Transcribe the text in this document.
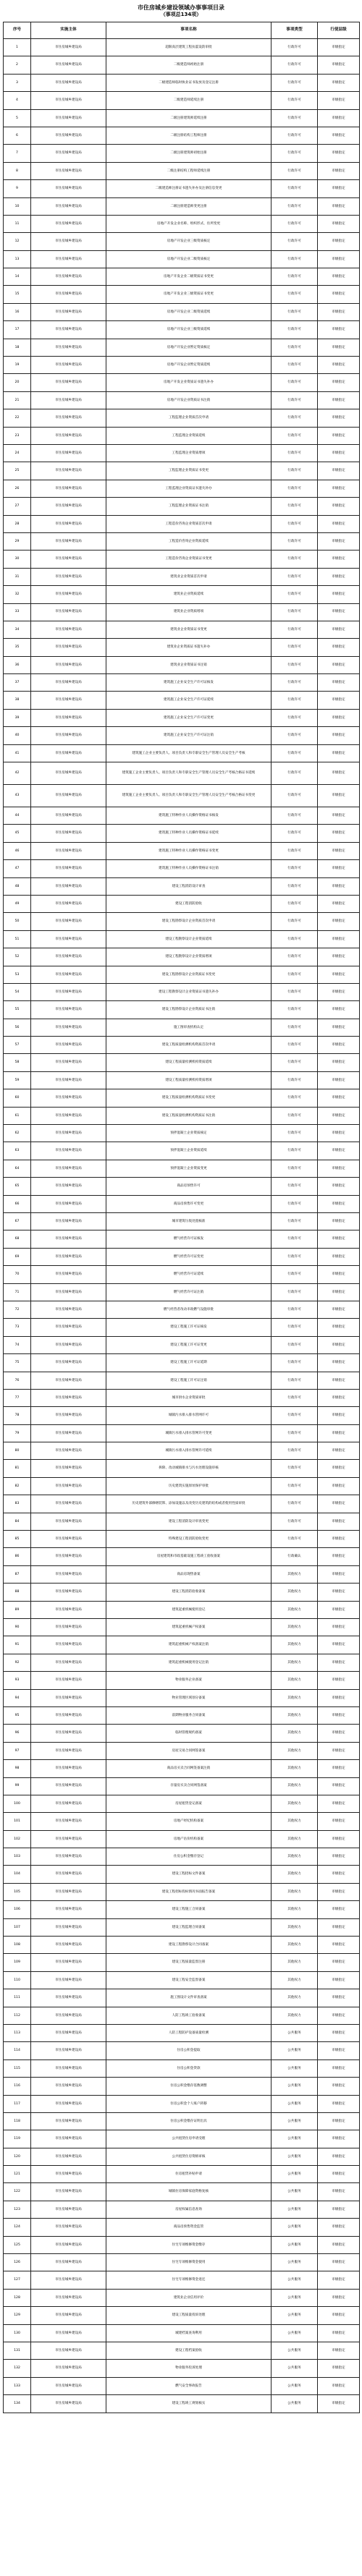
市住房城乡建设领域办事事项目录
（事项总134项）
序号	实施主体	事项名称	事项类型	行使层级
1	市住房城乡建设局	超限高层建筑工程抗震设防审批	行政许可	市级指定
2	市住房城乡建设局	二级建造师初始注册	行政许可	市级指定
3	市住房城乡建设局	二级建造师临时执业证书发放及登记注册	行政许可	市级指定
4	市住房城乡建设局	二级建造师延续注册	行政许可	市级指定
5	市住房城乡建设局	二级注册建筑师延续注册	行政许可	市级指定
6	市住房城乡建设局	二级注册结构工程师注册	行政许可	市级指定
7	市住房城乡建设局	二级注册建筑师初始注册	行政许可	市级指定
8	市住房城乡建设局	二级注册结构工程师延续注册	行政许可	市级指定
9	市住房城乡建设局	二级建造师注册证书遗失补办及注册信息变更	行政许可	市级指定
10	市住房城乡建设局	二级注册建造师变更注册	行政许可	市级指定
11	市住房城乡建设局	房地产开发企业名称、组织形式、住所变更	行政许可	市级指定
12	市住房城乡建设局	房地产开发企业三级资质核定	行政许可	市级指定
13	市住房城乡建设局	房地产开发企业二级资质核定	行政许可	市级指定
14	市住房城乡建设局	房地产开发企业二级资质证书变更	行政许可	市级指定
15	市住房城乡建设局	房地产开发企业三级资质证书变更	行政许可	市级指定
16	市住房城乡建设局	房地产开发企业二级资质延续	行政许可	市级指定
17	市住房城乡建设局	房地产开发企业三级资质延续	行政许可	市级指定
18	市住房城乡建设局	房地产开发企业暂定资质核定	行政许可	市级指定
19	市住房城乡建设局	房地产开发企业暂定资质延续	行政许可	市级指定
20	市住房城乡建设局	房地产开发企业资质证书遗失补办	行政许可	市级指定
21	市住房城乡建设局	房地产开发企业资质证书注销	行政许可	市级指定
22	市住房城乡建设局	工程监理企业资质首次申请	行政许可	市级指定
23	市住房城乡建设局	工程监理企业资质延续	行政许可	市级指定
24	市住房城乡建设局	工程监理企业资质增项	行政许可	市级指定
25	市住房城乡建设局	工程监理企业资质证书变更	行政许可	市级指定
26	市住房城乡建设局	工程监理企业资质证书遗失补办	行政许可	市级指定
27	市住房城乡建设局	工程监理企业资质证书注销	行政许可	市级指定
28	市住房城乡建设局	工程造价咨询企业资质首次申请	行政许可	市级指定
29	市住房城乡建设局	工程造价咨询企业资质延续	行政许可	市级指定
30	市住房城乡建设局	工程造价咨询企业资质证书变更	行政许可	市级指定
31	市住房城乡建设局	建筑业企业资质首次申请	行政许可	市级指定
32	市住房城乡建设局	建筑业企业资质延续	行政许可	市级指定
33	市住房城乡建设局	建筑业企业资质增项	行政许可	市级指定
34	市住房城乡建设局	建筑业企业资质证书变更	行政许可	市级指定
35	市住房城乡建设局	建筑业企业资质证书遗失补办	行政许可	市级指定
36	市住房城乡建设局	建筑业企业资质证书注销	行政许可	市级指定
37	市住房城乡建设局	建筑施工企业安全生产许可证核发	行政许可	市级指定
38	市住房城乡建设局	建筑施工企业安全生产许可证延续	行政许可	市级指定
39	市住房城乡建设局	建筑施工企业安全生产许可证变更	行政许可	市级指定
40	市住房城乡建设局	建筑施工企业安全生产许可证注销	行政许可	市级指定
41	市住房城乡建设局	建筑施工企业主要负责人、项目负责人和专职安全生产管理人员安全生产考核	行政许可	市级指定
42	市住房城乡建设局	建筑施工企业主要负责人、项目负责人和专职安全生产管理人员安全生产考核合格证书延续	行政许可	市级指定
43	市住房城乡建设局	建筑施工企业主要负责人、项目负责人和专职安全生产管理人员安全生产考核合格证书变更	行政许可	市级指定
44	市住房城乡建设局	建筑施工特种作业人员操作资格证书核发	行政许可	市级指定
45	市住房城乡建设局	建筑施工特种作业人员操作资格证书延续	行政许可	市级指定
46	市住房城乡建设局	建筑施工特种作业人员操作资格证书变更	行政许可	市级指定
47	市住房城乡建设局	建筑施工特种作业人员操作资格证书注销	行政许可	市级指定
48	市住房城乡建设局	建设工程消防设计审查	行政许可	市级指定
49	市住房城乡建设局	建设工程消防验收	行政许可	市级指定
50	市住房城乡建设局	建设工程勘察设计企业资质首次申请	行政许可	市级指定
51	市住房城乡建设局	建设工程勘察设计企业资质延续	行政许可	市级指定
52	市住房城乡建设局	建设工程勘察设计企业资质增项	行政许可	市级指定
53	市住房城乡建设局	建设工程勘察设计企业资质证书变更	行政许可	市级指定
54	市住房城乡建设局	建设工程勘察设计企业资质证书遗失补办	行政许可	市级指定
55	市住房城乡建设局	建设工程勘察设计企业资质证书注销	行政许可	市级指定
56	市住房城乡建设局	施工图审查机构认定	行政许可	市级指定
57	市住房城乡建设局	建设工程质量检测机构资质首次申请	行政许可	市级指定
58	市住房城乡建设局	建设工程质量检测机构资质延续	行政许可	市级指定
59	市住房城乡建设局	建设工程质量检测机构资质增项	行政许可	市级指定
60	市住房城乡建设局	建设工程质量检测机构资质证书变更	行政许可	市级指定
61	市住房城乡建设局	建设工程质量检测机构资质证书注销	行政许可	市级指定
62	市住房城乡建设局	预拌混凝土企业资质核定	行政许可	市级指定
63	市住房城乡建设局	预拌混凝土企业资质延续	行政许可	市级指定
64	市住房城乡建设局	预拌混凝土企业资质变更	行政许可	市级指定
65	市住房城乡建设局	商品房预售许可	行政许可	市级指定
66	市住房城乡建设局	商品房预售许可变更	行政许可	市级指定
67	市住房城乡建设局	城市建筑垃圾处置核准	行政许可	市级指定
68	市住房城乡建设局	燃气经营许可证核发	行政许可	市级指定
69	市住房城乡建设局	燃气经营许可证变更	行政许可	市级指定
70	市住房城乡建设局	燃气经营许可证延续	行政许可	市级指定
71	市住房城乡建设局	燃气经营许可证注销	行政许可	市级指定
72	市住房城乡建设局	燃气经营者改动市政燃气设施审批	行政许可	市级指定
73	市住房城乡建设局	建设工程施工许可证核发	行政许可	市级指定
74	市住房城乡建设局	建设工程施工许可证变更	行政许可	市级指定
75	市住房城乡建设局	建设工程施工许可证延期	行政许可	市级指定
76	市住房城乡建设局	建设工程施工许可证注销	行政许可	市级指定
77	市住房城乡建设局	城市供水企业资质审批	行政许可	市级指定
78	市住房城乡建设局	城镇污水排入排水管网许可	行政许可	市级指定
79	市住房城乡建设局	城镇污水排入排水管网许可变更	行政许可	市级指定
80	市住房城乡建设局	城镇污水排入排水管网许可延续	行政许可	市级指定
81	市住房城乡建设局	拆除、改动城镇排水与污水处理设施审核	行政许可	市级指定
82	市住房城乡建设局	历史建筑实施原址保护审批	行政许可	市级指定
83	市住房城乡建设局	历史建筑外部修缮装饰、添加设施以及改变历史建筑的结构或者使用性质审批	行政许可	市级指定
84	市住房城乡建设局	建设工程消防设计审查变更	行政许可	市级指定
85	市住房城乡建设局	特殊建设工程消防验收变更	行政许可	市级指定
86	市住房城乡建设局	房屋建筑和市政基础设施工程竣工验收备案	行政确认	市级指定
87	市住房城乡建设局	商品房现售备案	其他权力	市级指定
88	市住房城乡建设局	建设工程消防验收备案	其他权力	市级指定
89	市住房城乡建设局	建筑起重机械使用登记	其他权力	市级指定
90	市住房城乡建设局	建筑起重机械产权备案	其他权力	市级指定
91	市住房城乡建设局	建筑起重机械产权备案注销	其他权力	市级指定
92	市住房城乡建设局	建筑起重机械使用登记注销	其他权力	市级指定
93	市住房城乡建设局	物业服务企业备案	其他权力	市级指定
94	市住房城乡建设局	物业管理区域划分备案	其他权力	市级指定
95	市住房城乡建设局	前期物业服务合同备案	其他权力	市级指定
96	市住房城乡建设局	临时管理规约备案	其他权力	市级指定
97	市住房城乡建设局	房屋交易合同网签备案	其他权力	市级指定
98	市住房城乡建设局	商品房买卖合同网签备案注销	其他权力	市级指定
99	市住房城乡建设局	存量房买卖合同网签备案	其他权力	市级指定
100	市住房城乡建设局	房屋租赁登记备案	其他权力	市级指定
101	市住房城乡建设局	房地产经纪机构备案	其他权力	市级指定
102	市住房城乡建设局	房地产估价机构备案	其他权力	市级指定
103	市住房城乡建设局	住房公积金缴存登记	其他权力	市级指定
104	市住房城乡建设局	建设工程招标文件备案	其他权力	市级指定
105	市住房城乡建设局	建设工程招标投标情况书面报告备案	其他权力	市级指定
106	市住房城乡建设局	建设工程施工合同备案	其他权力	市级指定
107	市住房城乡建设局	建设工程监理合同备案	其他权力	市级指定
108	市住房城乡建设局	建设工程勘察设计合同备案	其他权力	市级指定
109	市住房城乡建设局	建设工程质量监督注册	其他权力	市级指定
110	市住房城乡建设局	建设工程安全监督备案	其他权力	市级指定
111	市住房城乡建设局	施工图设计文件审查备案	其他权力	市级指定
112	市住房城乡建设局	人防工程竣工验收备案	其他权力	市级指定
113	市住房城乡建设局	人防工程防护设备质量检测	公共服务	市级指定
114	市住房城乡建设局	住房公积金提取	公共服务	市级指定
115	市住房城乡建设局	住房公积金贷款	公共服务	市级指定
116	市住房城乡建设局	住房公积金缴存基数调整	公共服务	市级指定
117	市住房城乡建设局	住房公积金个人账户转移	公共服务	市级指定
118	市住房城乡建设局	住房公积金缴存证明出具	公共服务	市级指定
119	市住房城乡建设局	公共租赁住房申请受理	公共服务	市级指定
120	市住房城乡建设局	公共租赁住房资格审核	公共服务	市级指定
121	市住房城乡建设局	住房租赁补贴申请	公共服务	市级指定
122	市住房城乡建设局	城镇住房保障家庭资格复核	公共服务	市级指定
123	市住房城乡建设局	房屋权属信息查询	公共服务	市级指定
124	市住房城乡建设局	商品房预售资金监管	公共服务	市级指定
125	市住房城乡建设局	住宅专项维修资金缴存	公共服务	市级指定
126	市住房城乡建设局	住宅专项维修资金使用	公共服务	市级指定
127	市住房城乡建设局	住宅专项维修资金退还	公共服务	市级指定
128	市住房城乡建设局	建筑业企业信用评价	公共服务	市级指定
129	市住房城乡建设局	建设工程质量投诉处理	公共服务	市级指定
130	市住房城乡建设局	城建档案查询利用	公共服务	市级指定
131	市住房城乡建设局	建设工程档案验收	公共服务	市级指定
132	市住房城乡建设局	物业服务投诉处理	公共服务	市级指定
133	市住房城乡建设局	燃气安全事故报告	公共服务	市级指定
134	市住房城乡建设局	建设工程竣工规划核实	公共服务	市级指定
